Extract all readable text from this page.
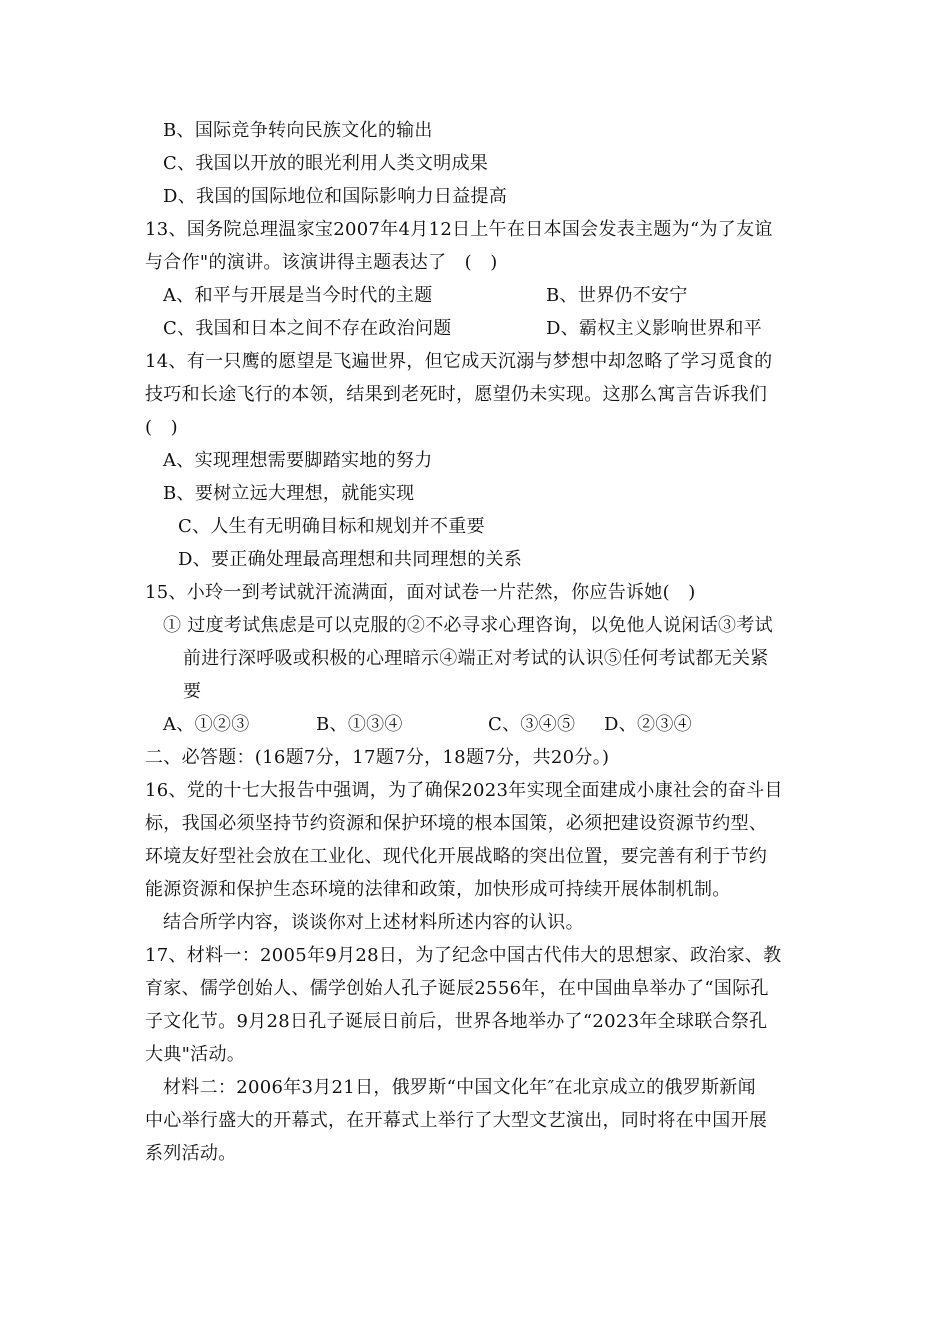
B、国际竞争转向民族文化的输出
C、我国以开放的眼光利用人类文明成果
D、我国的国际地位和国际影响力日益提高
13、国务院总理温家宝2007年4月12日上午在日本国会发表主题为“为了友谊
与合作"的演讲。该演讲得主题表达了　(　)
A、和平与开展是当今时代的主题	B、世界仍不安宁
C、我国和日本之间不存在政治问题	D、霸权主义影响世界和平
14、有一只鹰的愿望是飞遍世界，但它成天沉溺与梦想中却忽略了学习觅食的
技巧和长途飞行的本领，结果到老死时，愿望仍未实现。这那么寓言告诉我们
(　)
A、实现理想需要脚踏实地的努力
B、要树立远大理想，就能实现
C、人生有无明确目标和规划并不重要
D、要正确处理最高理想和共同理想的关系
15、小玲一到考试就汗流满面，面对试卷一片茫然，你应告诉她(　)
① 过度考试焦虑是可以克服的②不必寻求心理咨询，以免他人说闲话③考试
前进行深呼吸或积极的心理暗示④端正对考试的认识⑤任何考试都无关紧
要
A、①②③	B、①③④	C、③④⑤ D、②③④
二、必答题：(16题7分，17题7分，18题7分，共20分。)
16、党的十七大报告中强调，为了确保2023年实现全面建成小康社会的奋斗目
标，我国必须坚持节约资源和保护环境的根本国策，必须把建设资源节约型、
环境友好型社会放在工业化、现代化开展战略的突出位置，要完善有利于节约
能源资源和保护生态环境的法律和政策，加快形成可持续开展体制机制。
结合所学内容，谈谈你对上述材料所述内容的认识。
17、材料一：2005年9月28日，为了纪念中国古代伟大的思想家、政治家、教
育家、儒学创始人、儒学创始人孔子诞辰2556年，在中国曲阜举办了“国际孔
子文化节。9月28日孔子诞辰日前后，世界各地举办了“2023年全球联合祭孔
大典"活动。
材料二：2006年3月21日，俄罗斯“中国文化年″在北京成立的俄罗斯新闻
中心举行盛大的开幕式，在开幕式上举行了大型文艺演出，同时将在中国开展
系列活动。
